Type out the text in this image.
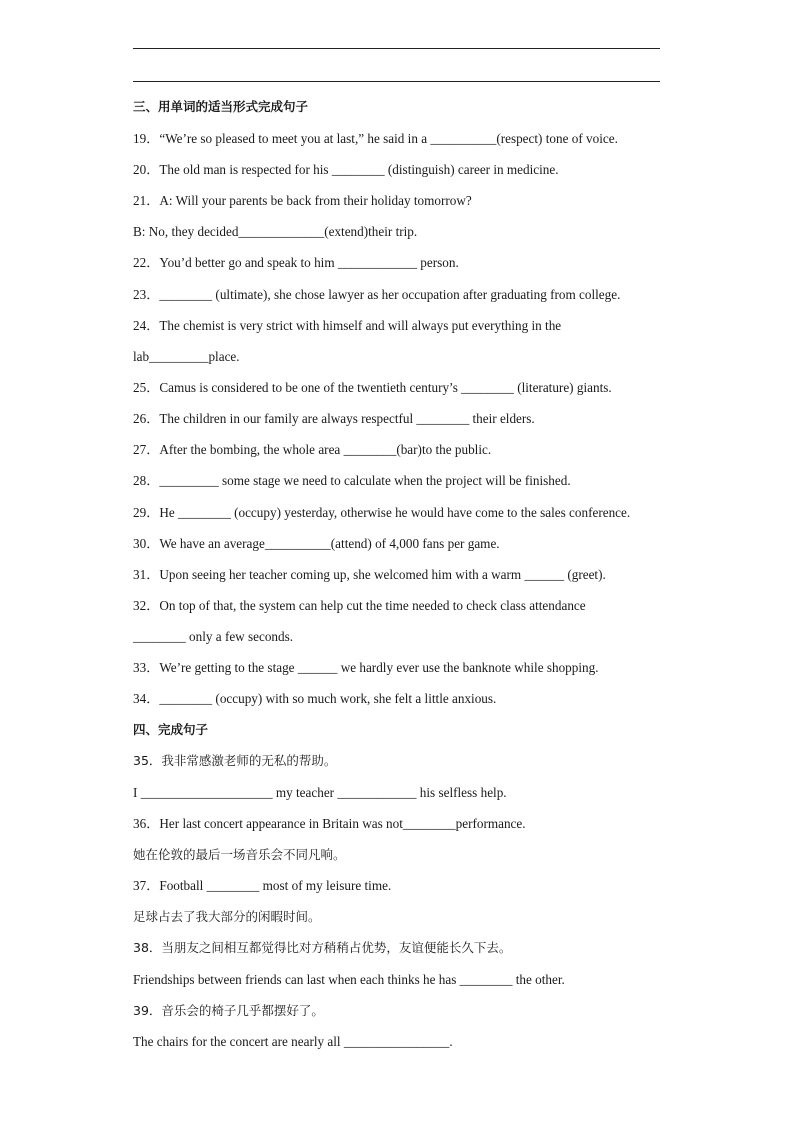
三、用单词的适当形式完成句子
19．“We’re so pleased to meet you at last,” he said in a __________(respect) tone of voice.
20．The old man is respected for his ________ (distinguish) career in medicine.
21．A: Will your parents be back from their holiday tomorrow?
B: No, they decided_____________(extend)their trip.
22．You’d better go and speak to him ____________ person.
23．________ (ultimate), she chose lawyer as her occupation after graduating from college.
24．The chemist is very strict with himself and will always put everything in the
lab_________place.
25．Camus is considered to be one of the twentieth century’s ________ (literature) giants.
26．The children in our family are always respectful ________ their elders.
27．After the bombing, the whole area ________(bar)to the public.
28．_________ some stage we need to calculate when the project will be finished.
29．He ________ (occupy) yesterday, otherwise he would have come to the sales conference.
30．We have an average__________(attend) of 4,000 fans per game.
31．Upon seeing her teacher coming up, she welcomed him with a warm ______ (greet).
32．On top of that, the system can help cut the time needed to check class attendance
________ only a few seconds.
33．We’re getting to the stage ______ we hardly ever use the banknote while shopping.
34．________ (occupy) with so much work, she felt a little anxious.
四、完成句子
35．我非常感激老师的无私的帮助。
I ____________________ my teacher ____________ his selfless help.
36．Her last concert appearance in Britain was not________performance.
她在伦敦的最后一场音乐会不同凡响。
37．Football ________ most of my leisure time.
足球占去了我大部分的闲暇时间。
38．当朋友之间相互都觉得比对方稍稍占优势，友谊便能长久下去。
Friendships between friends can last when each thinks he has ________ the other.
39．音乐会的椅子几乎都摆好了。
The chairs for the concert are nearly all ________________.
